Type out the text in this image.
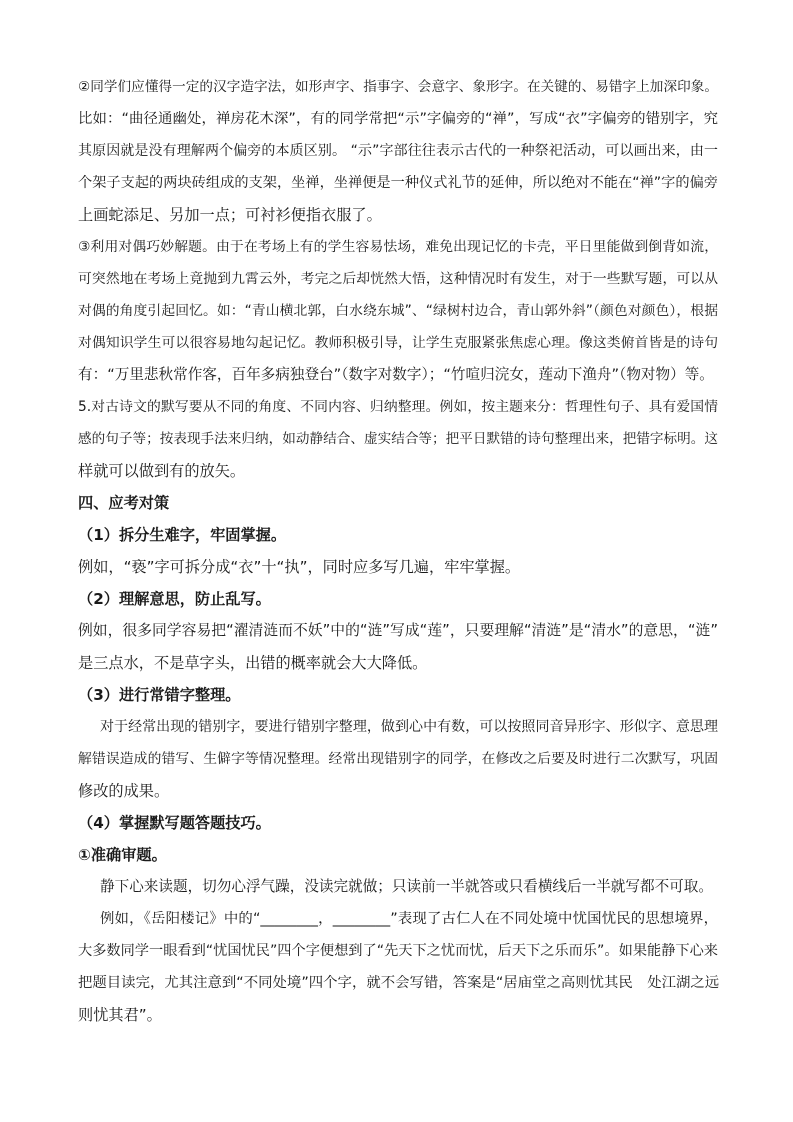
②同学们应懂得一定的汉字造字法，如形声字、指事字、会意字、象形字。在关键的、易错字上加深印象。
比如：“曲径通幽处，禅房花木深”，有的同学常把“示”字偏旁的“禅”，写成“衣”字偏旁的错别字，究
其原因就是没有理解两个偏旁的本质区别。 “示”字部往往表示古代的一种祭祀活动，可以画出来，由一
个架子支起的两块砖组成的支架，坐禅，坐禅便是一种仪式礼节的延伸，所以绝对不能在“禅”字的偏旁
上画蛇添足、另加一点；可衬衫便指衣服了。
③利用对偶巧妙解题。由于在考场上有的学生容易怯场，难免出现记忆的卡壳，平日里能做到倒背如流，
可突然地在考场上竟抛到九霄云外，考完之后却恍然大悟，这种情况时有发生，对于一些默写题，可以从
对偶的角度引起回忆。如：“青山横北郭，白水绕东城”、“绿树村边合，青山郭外斜”（颜色对颜色），根据
对偶知识学生可以很容易地勾起记忆。教师积极引导，让学生克服紧张焦虑心理。像这类俯首皆是的诗句
有：“万里悲秋常作客，百年多病独登台”（数字对数字）；“竹喧归浣女，莲动下渔舟”（物对物）等。
5.对古诗文的默写要从不同的角度、不同内容、归纳整理。例如，按主题来分：哲理性句子、具有爱国情
感的句子等；按表现手法来归纳，如动静结合、虚实结合等；把平日默错的诗句整理出来，把错字标明。这
样就可以做到有的放矢。
四、应考对策
（1）拆分生难字，牢固掌握。
例如，“亵”字可拆分成“衣”十“执”，同时应多写几遍，牢牢掌握。
（2）理解意思，防止乱写。
例如，很多同学容易把“濯清涟而不妖”中的“涟”写成“莲”，只要理解“清涟”是“清水”的意思，“涟”
是三点水，不是草字头，出错的概率就会大大降低。
（3）进行常错字整理。
对于经常出现的错别字，要进行错别字整理，做到心中有数，可以按照同音异形字、形似字、意思理
解错误造成的错写、生僻字等情况整理。经常出现错别字的同学，在修改之后要及时进行二次默写，巩固
修改的成果。
（4）掌握默写题答题技巧。
①准确审题。
静下心来读题，切勿心浮气躁，没读完就做；只读前一半就答或只看横线后一半就写都不可取。
例如，《岳阳楼记》中的“________，________”表现了古仁人在不同处境中忧国忧民的思想境界，
大多数同学一眼看到“忧国忧民”四个字便想到了“先天下之忧而忧，后天下之乐而乐”。如果能静下心来
把题目读完，尤其注意到“不同处境”四个字，就不会写错，答案是“居庙堂之高则忧其民　处江湖之远
则忧其君”。
